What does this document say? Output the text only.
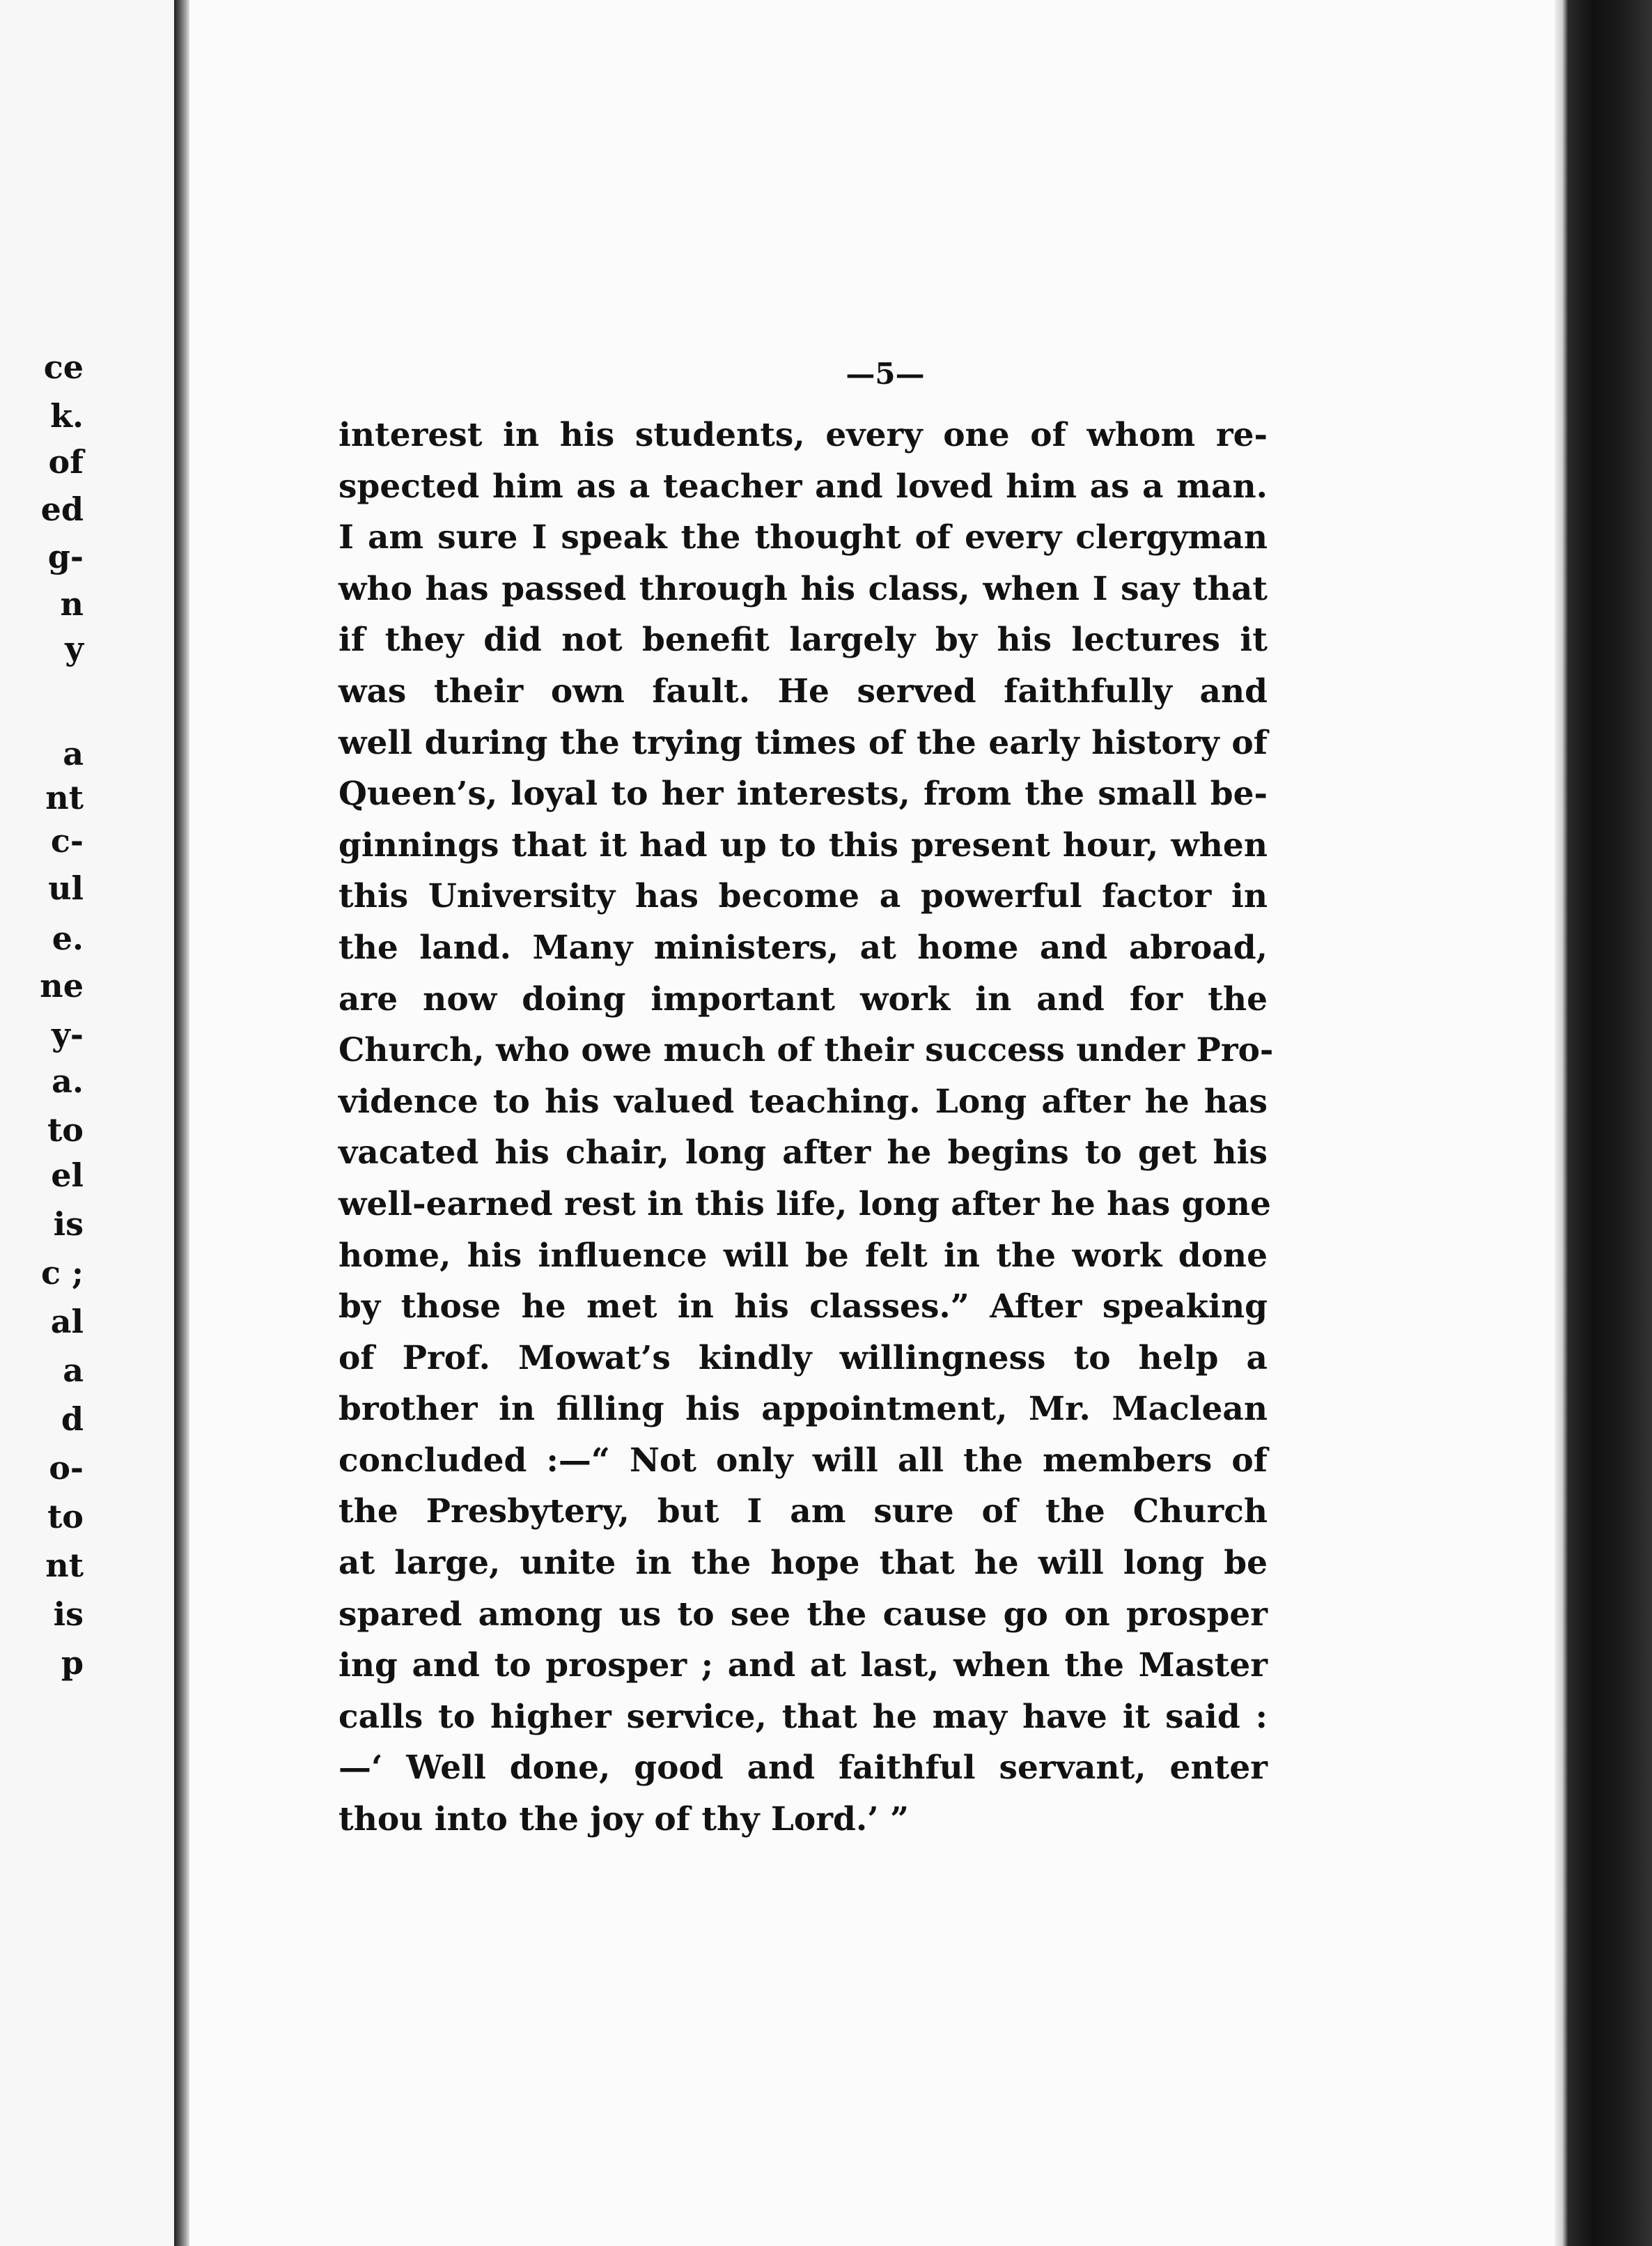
ce
k.
of
ed
g-
n
y
a
nt
c-
ul
e.
ne
y-
a.
to
el
is
c ;
al
a
d
o-
to
nt
is
p
—5—
interest in his students, every one of whom re-
spected him as a teacher and loved him as a man.
I am sure I speak the thought of every clergyman
who has passed through his class, when I say that
if they did not benefit largely by his lectures it
was their own fault. He served faithfully and
well during the trying times of the early history of
Queen’s, loyal to her interests, from the small be-
ginnings that it had up to this present hour, when
this University has become a powerful factor in
the land. Many ministers, at home and abroad,
are now doing important work in and for the
Church, who owe much of their success under Pro-
vidence to his valued teaching. Long after he has
vacated his chair, long after he begins to get his
well-earned rest in this life, long after he has gone
home, his influence will be felt in the work done
by those he met in his classes.” After speaking
of Prof. Mowat’s kindly willingness to help a
brother in filling his appointment, Mr. Maclean
concluded :—“ Not only will all the members of
the Presbytery, but I am sure of the Church
at large, unite in the hope that he will long be
spared among us to see the cause go on prosper
ing and to prosper ; and at last, when the Master
calls to higher service, that he may have it said :
—‘ Well done, good and faithful servant, enter
thou into the joy of thy Lord.’ ”
